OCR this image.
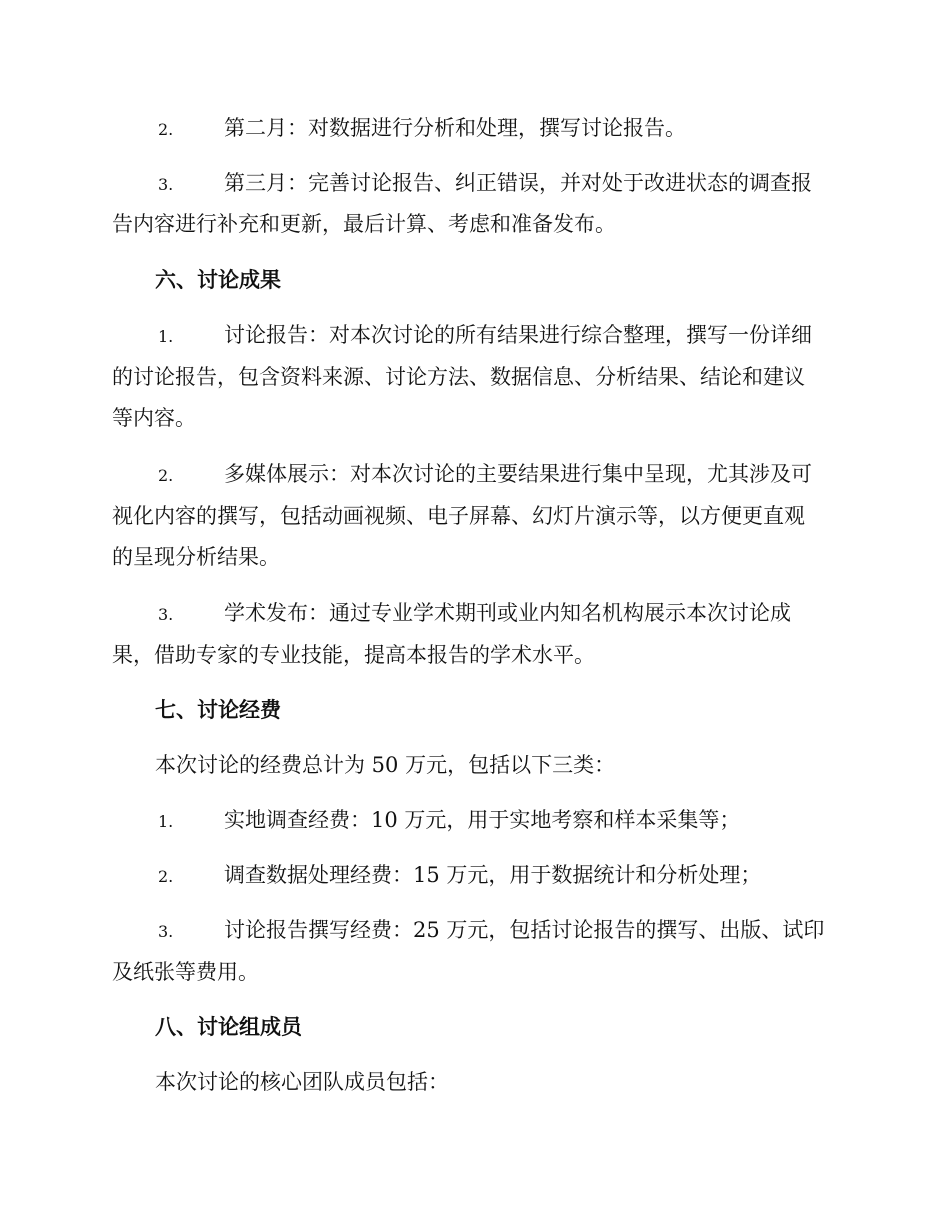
2. 第二月：对数据进行分析和处理，撰写讨论报告。
3. 第三月：完善讨论报告、纠正错误，并对处于改进状态的调查报
告内容进行补充和更新，最后计算、考虑和准备发布。
六、讨论成果
1. 讨论报告：对本次讨论的所有结果进行综合整理，撰写一份详细
的讨论报告，包含资料来源、讨论方法、数据信息、分析结果、结论和建议
等内容。
2. 多媒体展示：对本次讨论的主要结果进行集中呈现，尤其涉及可
视化内容的撰写，包括动画视频、电子屏幕、幻灯片演示等，以方便更直观
的呈现分析结果。
3. 学术发布：通过专业学术期刊或业内知名机构展示本次讨论成
果，借助专家的专业技能，提高本报告的学术水平。
七、讨论经费
本次讨论的经费总计为 50 万元，包括以下三类：
1. 实地调查经费：10 万元，用于实地考察和样本采集等；
2. 调查数据处理经费：15 万元，用于数据统计和分析处理；
3. 讨论报告撰写经费：25 万元，包括讨论报告的撰写、出版、试印
及纸张等费用。
八、讨论组成员
本次讨论的核心团队成员包括：
